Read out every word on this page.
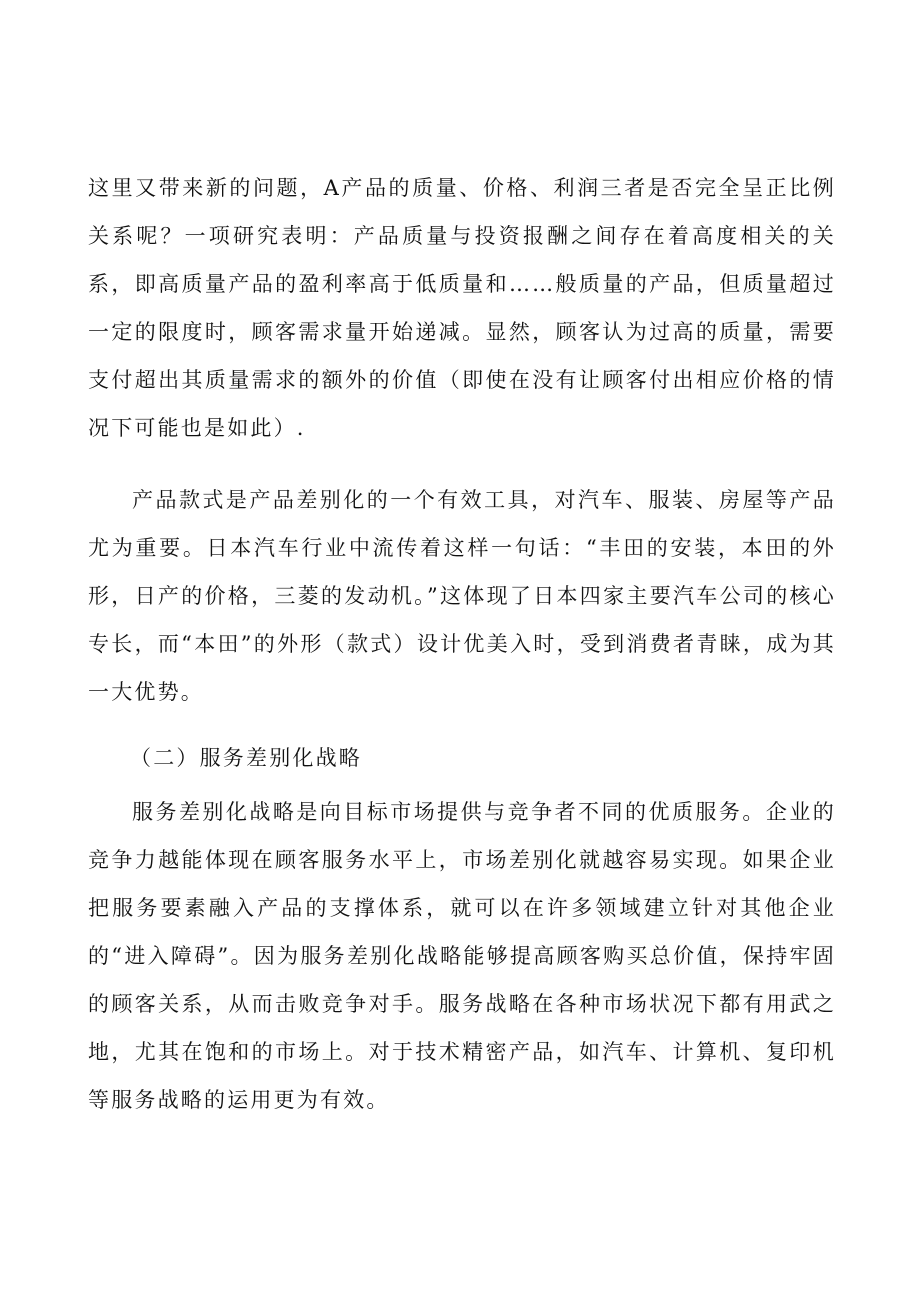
这里又带来新的问题，A产品的质量、价格、利润三者是否完全呈正比例关系呢？一项研究表明：产品质量与投资报酬之间存在着高度相关的关系，即高质量产品的盈利率高于低质量和……般质量的产品，但质量超过一定的限度时，顾客需求量开始递减。显然，顾客认为过高的质量，需要支付超出其质量需求的额外的价值（即使在没有让顾客付出相应价格的情况下可能也是如此）.
产品款式是产品差别化的一个有效工具，对汽车、服装、房屋等产品尤为重要。日本汽车行业中流传着这样一句话：“丰田的安装，本田的外形，日产的价格，三菱的发动机。”这体现了日本四家主要汽车公司的核心专长，而“本田”的外形（款式）设计优美入时，受到消费者青睐，成为其一大优势。
（二）服务差别化战略
服务差别化战略是向目标市场提供与竞争者不同的优质服务。企业的竞争力越能体现在顾客服务水平上，市场差别化就越容易实现。如果企业把服务要素融入产品的支撑体系，就可以在许多领域建立针对其他企业的“进入障碍”。因为服务差别化战略能够提高顾客购买总价值，保持牢固的顾客关系，从而击败竞争对手。服务战略在各种市场状况下都有用武之地，尤其在饱和的市场上。对于技术精密产品，如汽车、计算机、复印机等服务战略的运用更为有效。
